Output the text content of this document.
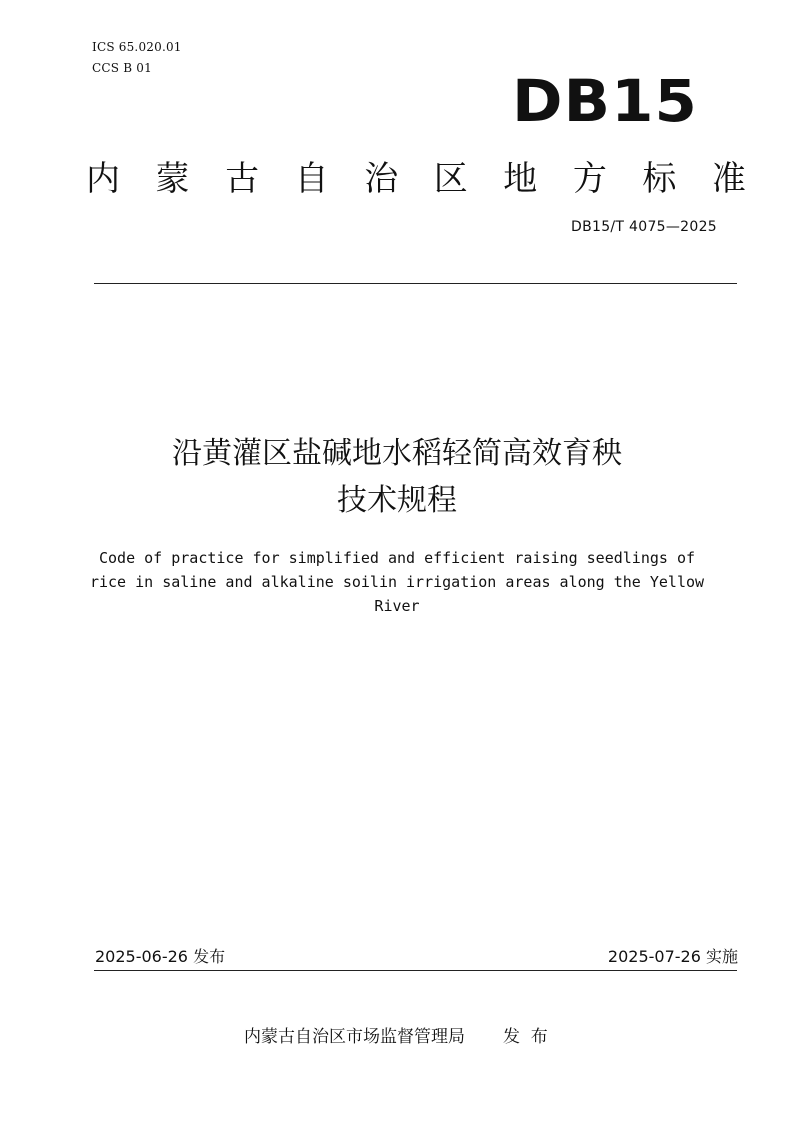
ICS 65.020.01
CCS B 01	DB15
内 蒙 古 自 治 区 地 方 标 准
DB15/T 4075—2025
沿黄灌区盐碱地水稻轻简高效育秧
技术规程
Code of practice for simplified and efficient raising seedlings of
rice in saline and alkaline soilin irrigation areas along the Yellow
River
2025-06-26 发布	2025-07-26 实施
内蒙古自治区市场监督管理局 发  布
